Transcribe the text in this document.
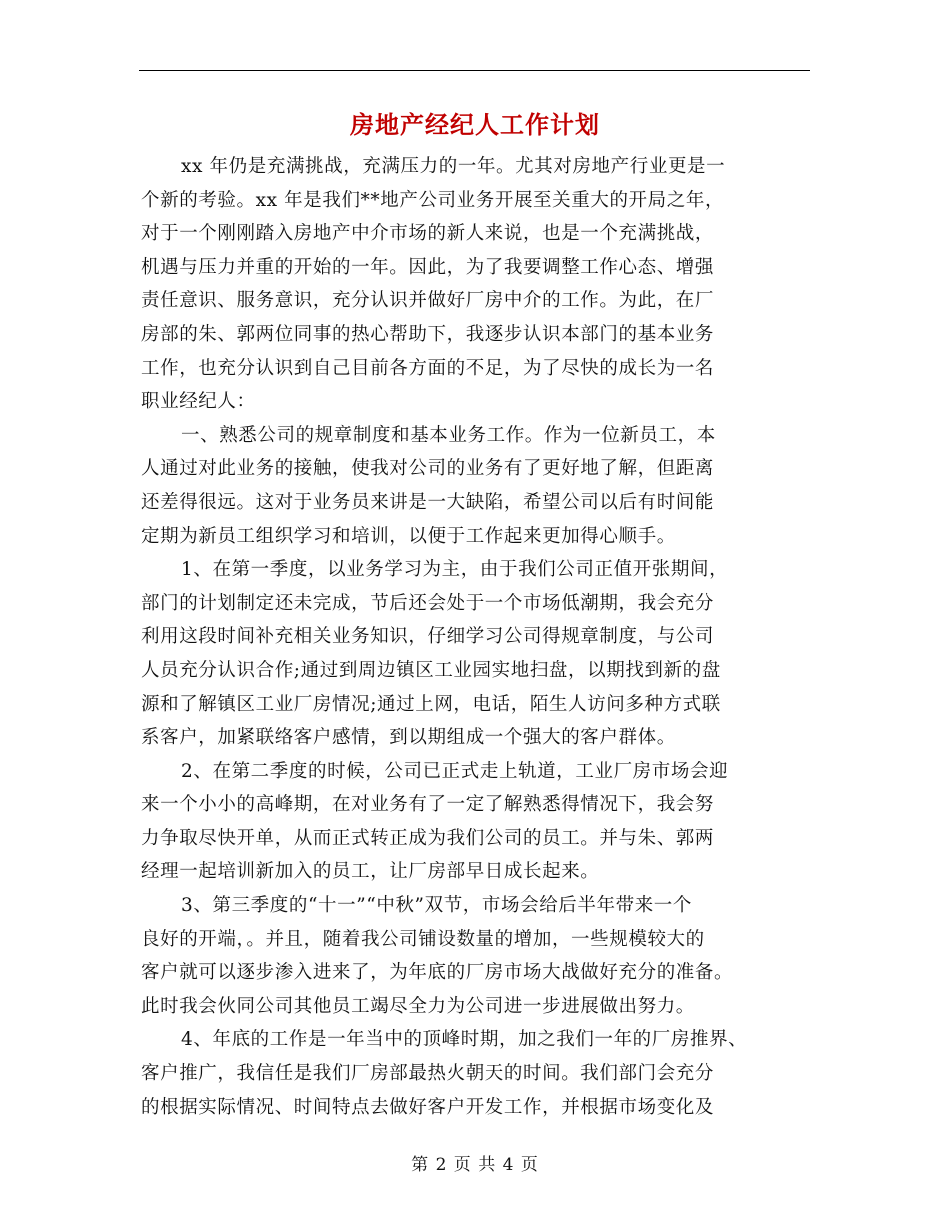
房地产经纪人工作计划
xx 年仍是充满挑战，充满压力的一年。尤其对房地产行业更是一
个新的考验。xx 年是我们**地产公司业务开展至关重大的开局之年，
对于一个刚刚踏入房地产中介市场的新人来说，也是一个充满挑战，
机遇与压力并重的开始的一年。因此，为了我要调整工作心态、增强
责任意识、服务意识，充分认识并做好厂房中介的工作。为此，在厂
房部的朱、郭两位同事的热心帮助下，我逐步认识本部门的基本业务
工作，也充分认识到自己目前各方面的不足，为了尽快的成长为一名
职业经纪人：
一、熟悉公司的规章制度和基本业务工作。作为一位新员工，本
人通过对此业务的接触，使我对公司的业务有了更好地了解，但距离
还差得很远。这对于业务员来讲是一大缺陷，希望公司以后有时间能
定期为新员工组织学习和培训，以便于工作起来更加得心顺手。
1、在第一季度，以业务学习为主，由于我们公司正值开张期间，
部门的计划制定还未完成，节后还会处于一个市场低潮期，我会充分
利用这段时间补充相关业务知识，仔细学习公司得规章制度，与公司
人员充分认识合作;通过到周边镇区工业园实地扫盘，以期找到新的盘
源和了解镇区工业厂房情况;通过上网，电话，陌生人访问多种方式联
系客户，加紧联络客户感情，到以期组成一个强大的客户群体。
2、在第二季度的时候，公司已正式走上轨道，工业厂房市场会迎
来一个小小的高峰期，在对业务有了一定了解熟悉得情况下，我会努
力争取尽快开单，从而正式转正成为我们公司的员工。并与朱、郭两
经理一起培训新加入的员工，让厂房部早日成长起来。
3、第三季度的“十一”“中秋”双节，市场会给后半年带来一个
良好的开端，。并且，随着我公司铺设数量的增加，一些规模较大的
客户就可以逐步渗入进来了，为年底的厂房市场大战做好充分的准备。
此时我会伙同公司其他员工竭尽全力为公司进一步进展做出努力。
4、年底的工作是一年当中的顶峰时期，加之我们一年的厂房推界、
客户推广，我信任是我们厂房部最热火朝天的时间。我们部门会充分
的根据实际情况、时间特点去做好客户开发工作，并根据市场变化及
第 2 页 共 4 页
